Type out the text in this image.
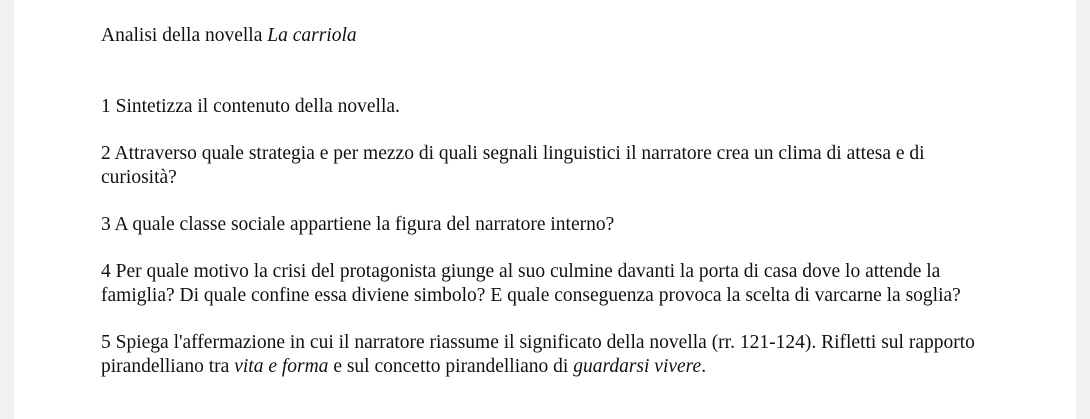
Analisi della novella La carriola
1 Sintetizza il contenuto della novella.
2 Attraverso quale strategia e per mezzo di quali segnali linguistici il narratore crea un clima di attesa e di curiosità?
3 A quale classe sociale appartiene la figura del narratore interno?
4 Per quale motivo la crisi del protagonista giunge al suo culmine davanti la porta di casa dove lo attende la famiglia? Di quale confine essa diviene simbolo? E quale conseguenza provoca la scelta di varcarne la soglia?
5 Spiega l'affermazione in cui il narratore riassume il significato della novella (rr. 121-124). Rifletti sul rapporto pirandelliano tra vita e forma e sul concetto pirandelliano di guardarsi vivere.
